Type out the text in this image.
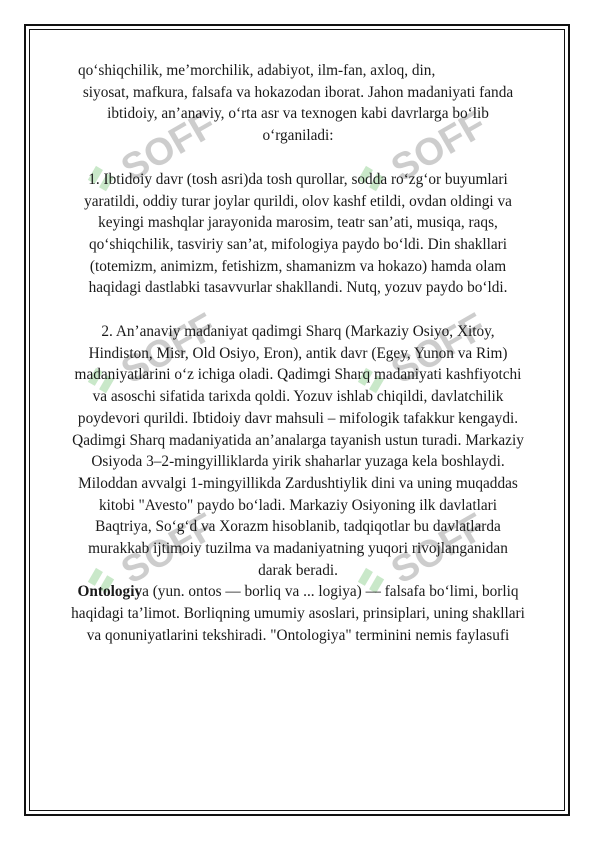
SOFF	SOFF
SOFF	SOFF
SOFF	SOFF

qo‘shiqchilik, me’morchilik, adabiyot, ilm-fan, axloq, din,

siyosat, mafkura, falsafa va hokazodan iborat. Jahon madaniyati fanda ibtidoiy, an’anaviy, o‘rta asr va texnogen kabi davrlarga bo‘lib o‘rganiladi:

1. Ibtidoiy davr (tosh asri)da tosh qurollar, sodda ro‘zg‘or buyumlari yaratildi, oddiy turar joylar qurildi, olov kashf etildi, ovdan oldingi va keyingi mashqlar jarayonida marosim, teatr san’ati, musiqa, raqs, qo‘shiqchilik, tasviriy san’at, mifologiya paydo bo‘ldi. Din shakllari (totemizm, animizm, fetishizm, shamanizm va hokazo) hamda olam haqidagi dastlabki tasavvurlar shakllandi. Nutq, yozuv paydo bo‘ldi.

2. An’anaviy madaniyat qadimgi Sharq (Markaziy Osiyo, Xitoy, Hindiston, Misr, Old Osiyo, Eron), antik davr (Egey, Yunon va Rim) madaniyatlarini o‘z ichiga oladi. Qadimgi Sharq madaniyati kashfiyotchi va asoschi sifatida tarixda qoldi. Yozuv ishlab chiqildi, davlatchilik poydevori qurildi. Ibtidoiy davr mahsuli – mifologik tafakkur kengaydi. Qadimgi Sharq madaniyatida an’analarga tayanish ustun turadi. Markaziy Osiyoda 3–2-mingyilliklarda yirik shaharlar yuzaga kela boshlaydi. Miloddan avvalgi 1-mingyillikda Zardushtiylik dini va uning muqaddas kitobi "Avesto" paydo bo‘ladi. Markaziy Osiyoning ilk davlatlari Baqtriya, So‘g‘d va Xorazm hisoblanib, tadqiqotlar bu davlatlarda murakkab ijtimoiy tuzilma va madaniyatning yuqori rivojlanganidan darak beradi.

Ontologiya (yun. ontos — borliq va ... logiya) — falsafa bo‘limi, borliq haqidagi ta’limot. Borliqning umumiy asoslari, prinsiplari, uning shakllari va qonuniyatlarini tekshiradi. "Ontologiya" terminini nemis faylasufi
